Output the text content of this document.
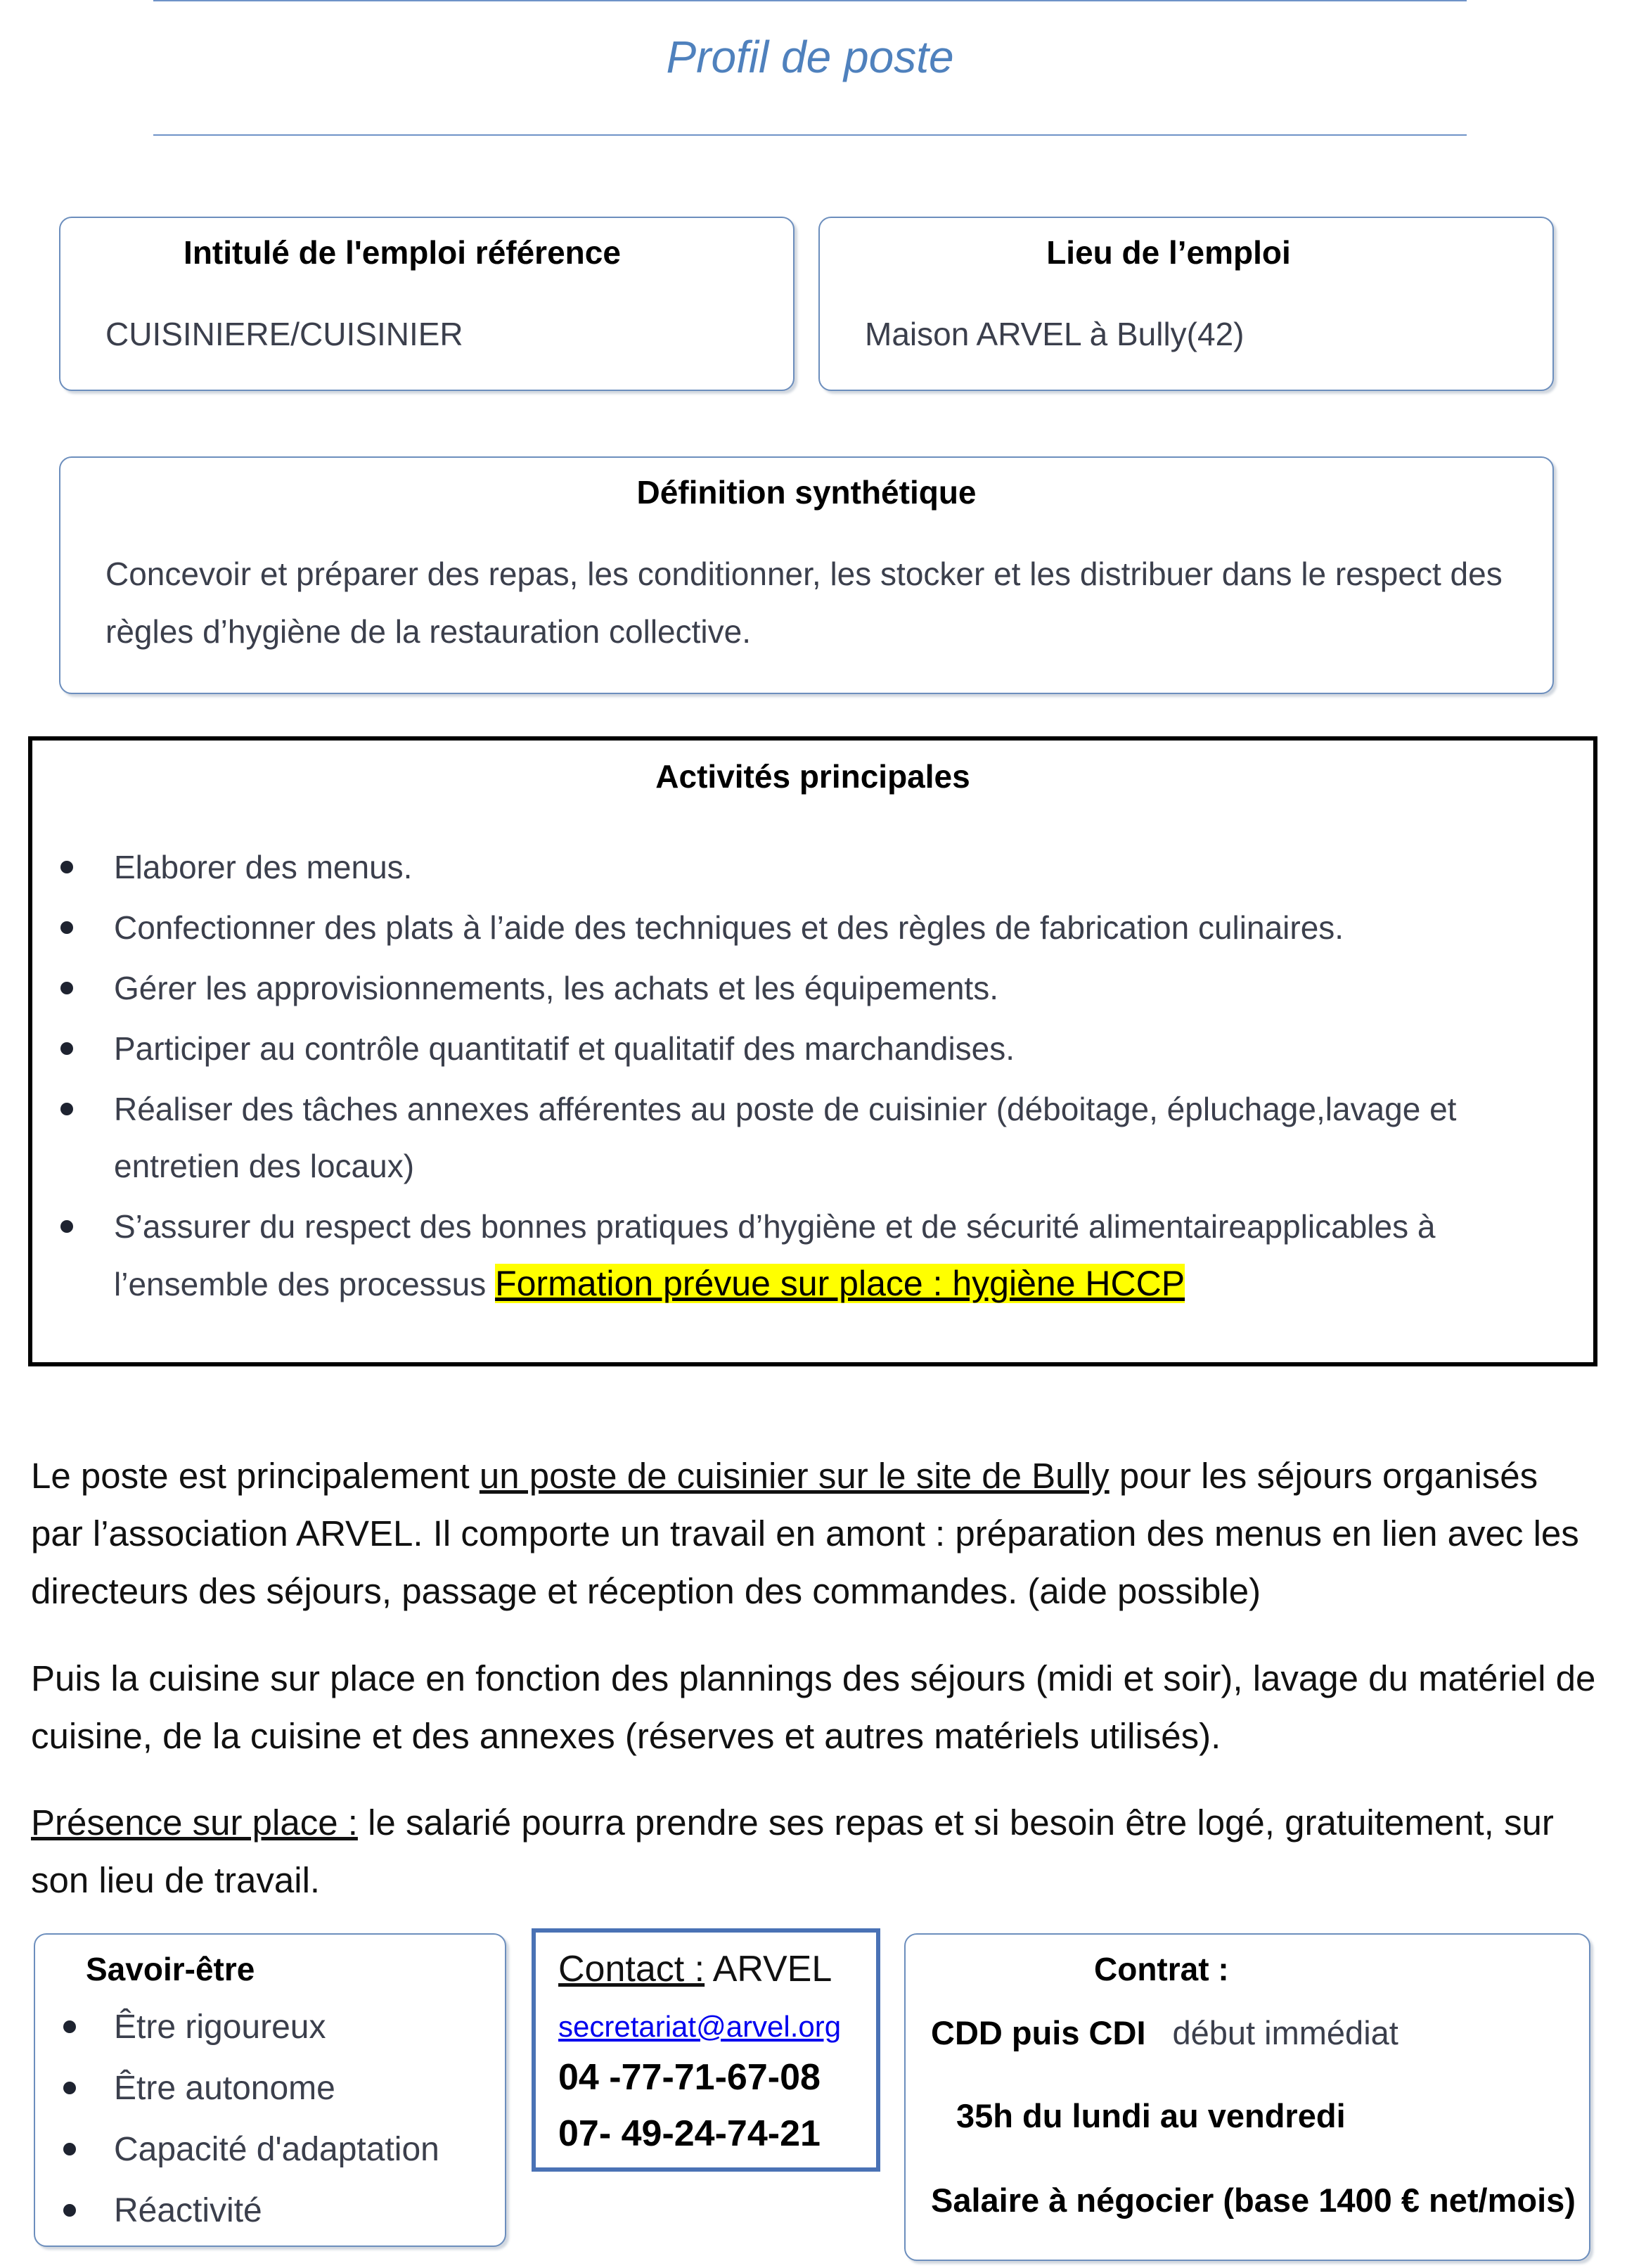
Profil de poste
Intitulé de l'emploi référence
CUISINIERE/CUISINIER
Lieu de l’emploi
Maison ARVEL à Bully(42)
Définition synthétique
Concevoir et préparer des repas, les conditionner, les stocker et les distribuer dans le respect des règles d’hygiène de la restauration collective.
Activités principales
Elaborer des menus.
Confectionner des plats à l’aide des techniques et des règles de fabrication culinaires.
Gérer les approvisionnements, les achats et les équipements.
Participer au contrôle quantitatif et qualitatif des marchandises.
Réaliser des tâches annexes afférentes au poste de cuisinier (déboitage, épluchage,lavage et entretien des locaux)
S’assurer du respect des bonnes pratiques d’hygiène et de sécurité alimentaireapplicables à l’ensemble des processus Formation prévue sur place : hygiène HCCP
Le poste est principalement un poste de cuisinier sur le site de Bully pour les séjours organisés par l’association ARVEL. Il comporte un travail en amont : préparation des menus en lien avec les directeurs des séjours, passage et réception des commandes. (aide possible)
Puis la cuisine sur place en fonction des plannings des séjours (midi et soir), lavage du matériel de cuisine, de la cuisine et des annexes (réserves et autres matériels utilisés).
Présence sur place : le salarié pourra prendre ses repas et si besoin être logé, gratuitement, sur son lieu de travail.
Savoir-être
Être rigoureux
Être autonome
Capacité d'adaptation
Réactivité
Contact : ARVEL
secretariat@arvel.org
04 -77-71-67-08
07- 49-24-74-21
Contrat :
CDD puis CDI début immédiat
35h du lundi au vendredi
Salaire à négocier (base 1400 € net/mois)
